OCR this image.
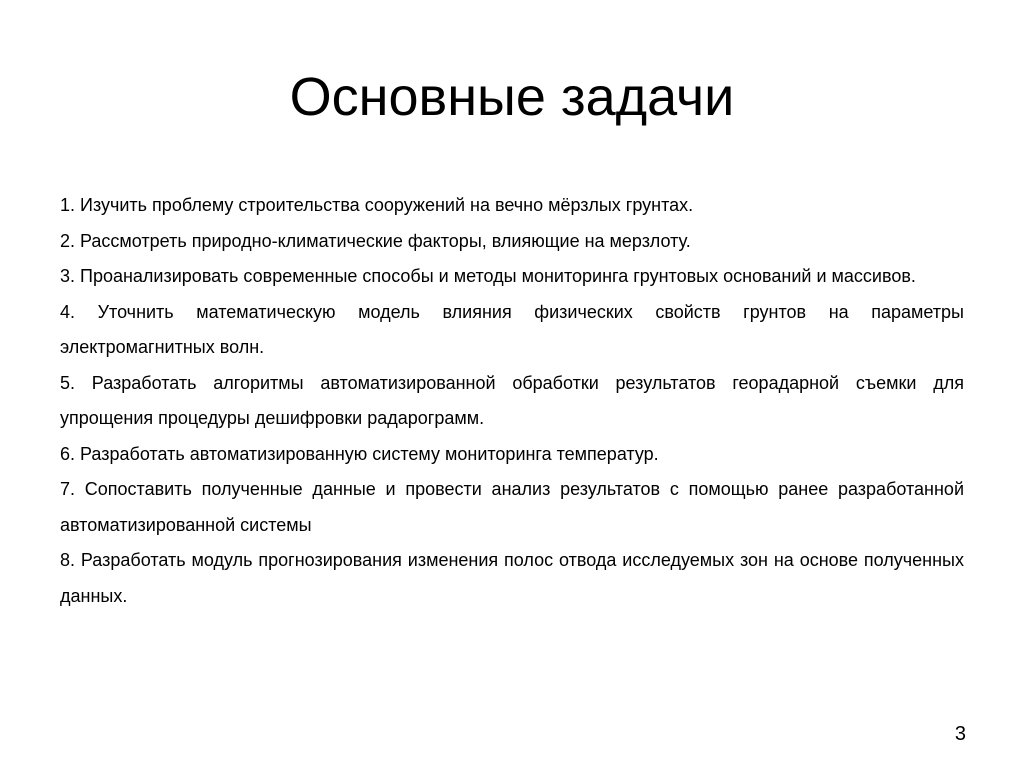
Основные задачи
1. Изучить проблему строительства сооружений на вечно мёрзлых грунтах.
2. Рассмотреть природно-климатические факторы, влияющие на мерзлоту.
3. Проанализировать современные способы и методы мониторинга грунтовых оснований и массивов.
4. Уточнить математическую модель влияния физических свойств грунтов на параметры электромагнитных волн.
5. Разработать алгоритмы автоматизированной обработки результатов георадарной съемки для упрощения процедуры дешифровки радарограмм.
6. Разработать автоматизированную систему мониторинга температур.
7. Сопоставить полученные данные и провести анализ результатов с помощью ранее разработанной автоматизированной системы
8. Разработать модуль прогнозирования изменения полос отвода исследуемых зон на основе полученных данных.
3
